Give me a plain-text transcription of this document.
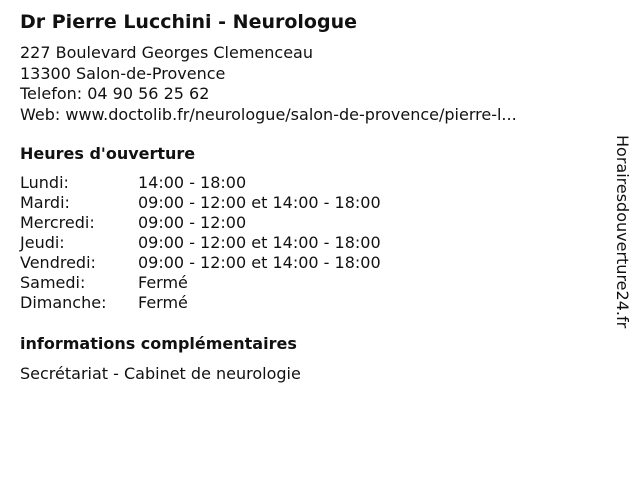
Dr Pierre Lucchini - Neurologue
227 Boulevard Georges Clemenceau
13300 Salon-de-Provence
Telefon: 04 90 56 25 62
Web: www.doctolib.fr/neurologue/salon-de-provence/pierre-l...
Heures d'ouverture
Lundi:	14:00 - 18:00
Mardi:	09:00 - 12:00 et 14:00 - 18:00
Mercredi:	09:00 - 12:00
Jeudi:	09:00 - 12:00 et 14:00 - 18:00
Vendredi:	09:00 - 12:00 et 14:00 - 18:00
Samedi:	Fermé
Dimanche: Fermé
informations complémentaires
Secrétariat - Cabinet de neurologie
Horairesdouverture24.fr
